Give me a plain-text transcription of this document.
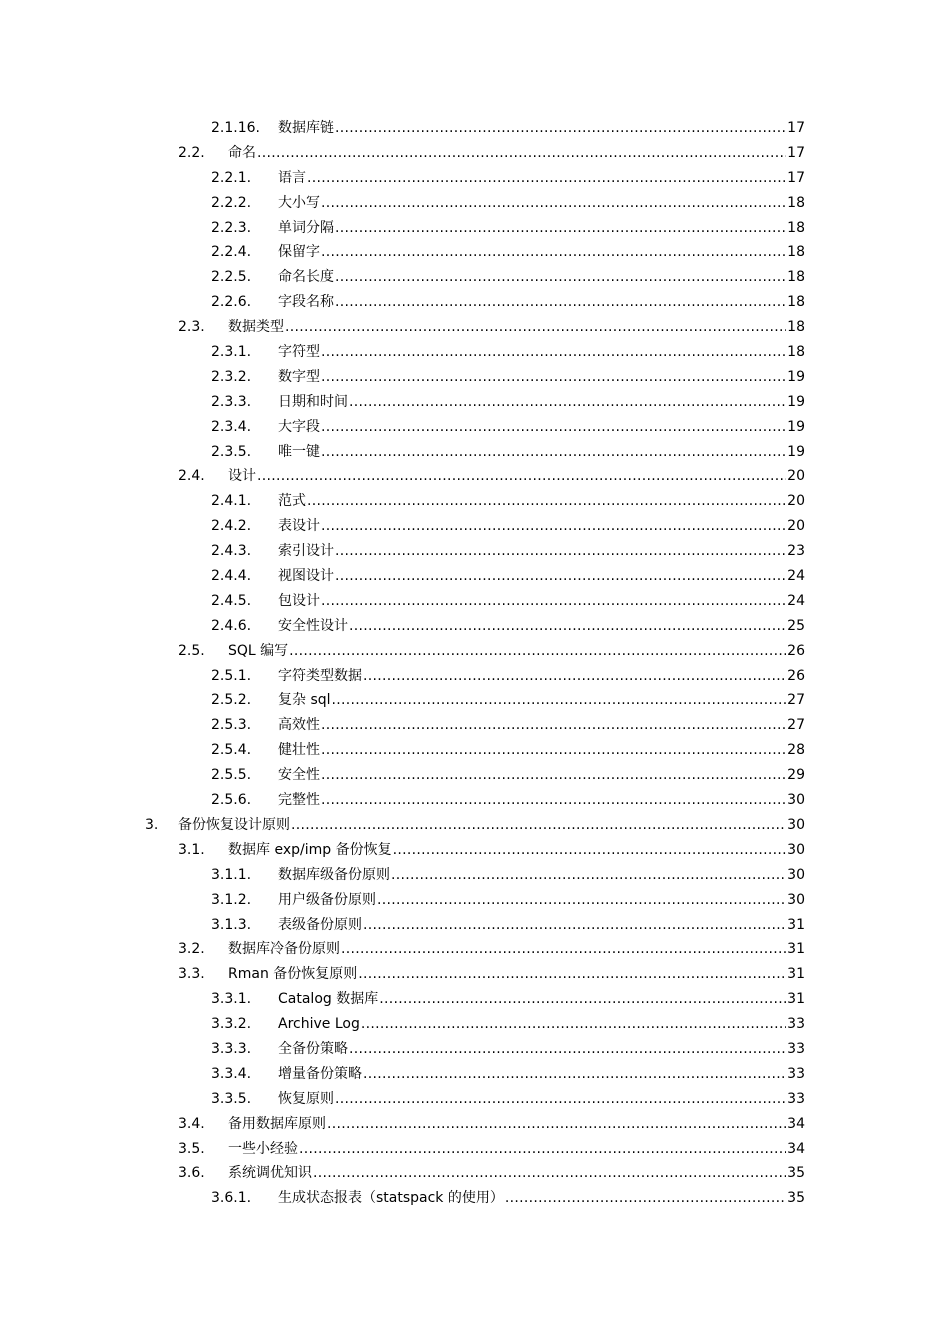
2.1.16. 数据库链 .....	17
2.2. 命名 .....	17
2.2.1. 语言 .....	17
2.2.2. 大小写 .....	18
2.2.3. 单词分隔 .....	18
2.2.4. 保留字 .....	18
2.2.5. 命名长度 .....	18
2.2.6. 字段名称 .....	18
2.3. 数据类型 .....	18
2.3.1. 字符型 .....	18
2.3.2. 数字型 .....	19
2.3.3. 日期和时间 .....	19
2.3.4. 大字段 .....	19
2.3.5. 唯一键 .....	19
2.4. 设计 .....	20
2.4.1. 范式 .....	20
2.4.2. 表设计 .....	20
2.4.3. 索引设计 .....	23
2.4.4. 视图设计 .....	24
2.4.5. 包设计 .....	24
2.4.6. 安全性设计 .....	25
2.5. SQL 编写 .....	26
2.5.1. 字符类型数据 .....	26
2.5.2. 复杂 sql .....	27
2.5.3. 高效性 .....	27
2.5.4. 健壮性 .....	28
2.5.5. 安全性 .....	29
2.5.6. 完整性 .....	30
3. 备份恢复设计原则 .....	30
3.1. 数据库 exp/imp 备份恢复 .....	30
3.1.1. 数据库级备份原则 .....	30
3.1.2. 用户级备份原则 .....	30
3.1.3. 表级备份原则 .....	31
3.2. 数据库冷备份原则 .....	31
3.3. Rman 备份恢复原则 .....	31
3.3.1. Catalog 数据库 .....	31
3.3.2. Archive Log .....	33
3.3.3. 全备份策略 .....	33
3.3.4. 增量备份策略 .....	33
3.3.5. 恢复原则 .....	33
3.4. 备用数据库原则 .....	34
3.5. 一些小经验 .....	34
3.6. 系统调优知识 .....	35
3.6.1. 生成状态报表（statspack 的使用） .....	35
